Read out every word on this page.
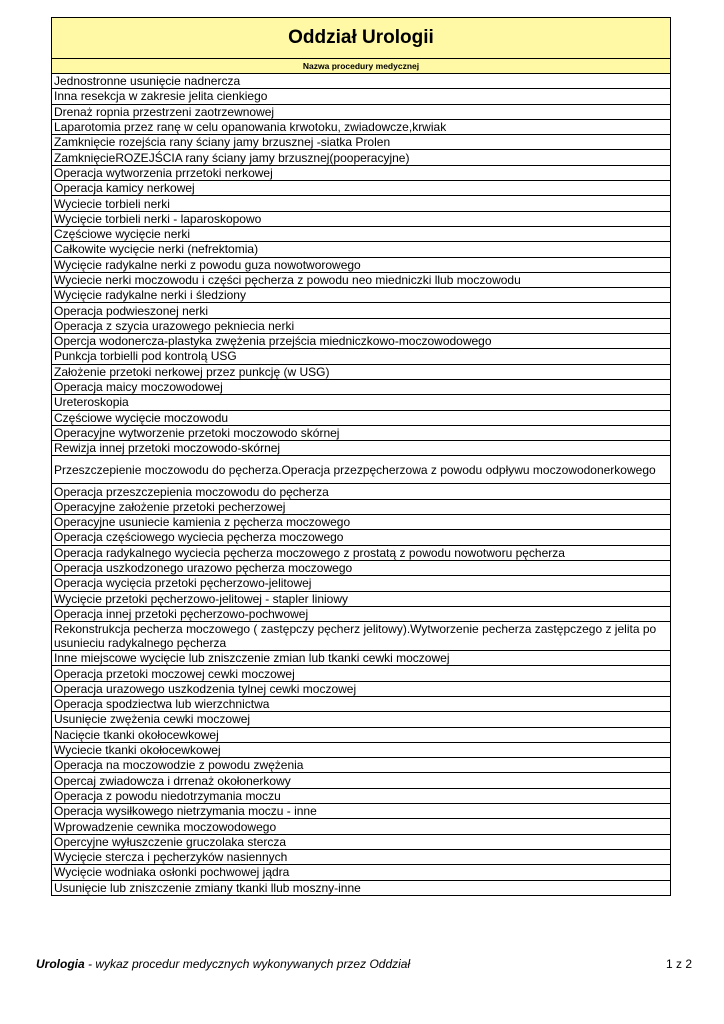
Oddział Urologii
Nazwa procedury medycznej
Jednostronne usunięcie nadnercza
Inna resekcja w zakresie jelita cienkiego
Drenaż ropnia przestrzeni zaotrzewnowej
Laparotomia przez ranę w celu opanowania krwotoku, zwiadowcze,krwiak
Zamknięcie rozejścia rany ściany jamy brzusznej -siatka Prolen
ZamknięcieROZEJŚCIA rany ściany jamy brzusznej(pooperacyjne)
Operacja wytworzenia prrzetoki nerkowej
Operacja kamicy nerkowej
Wyciecie torbieli nerki
Wycięcie torbieli nerki - laparoskopowo
Częściowe wycięcie nerki
Całkowite wycięcie nerki (nefrektomia)
Wycięcie radykalne nerki z powodu guza nowotworowego
Wyciecie nerki moczowodu i części pęcherza z powodu neo miedniczki llub moczowodu
Wycięcie radykalne nerki i śledziony
Operacja podwieszonej nerki
Operacja z szycia urazowego pekniecia nerki
Opercja wodonercza-plastyka zwężenia przejścia miedniczkowo-moczowodowego
Punkcja torbielli pod kontrolą USG
Założenie przetoki nerkowej przez punkcję (w USG)
Operacja maicy moczowodowej
Ureteroskopia
Częściowe wycięcie moczowodu
Operacyjne wytworzenie przetoki moczowodo skórnej
Rewizja innej przetoki moczowodo-skórnej
Przeszczepienie moczowodu do pęcherza.Operacja przezpęcherzowa z powodu odpływu moczowodonerkowego
Operacja przeszczepienia moczowodu do pęcherza
Operacyjne założenie przetoki pecherzowej
Operacyjne usuniecie kamienia z pęcherza moczowego
Operacja częściowego wyciecia pęcherza moczowego
Operacja radykalnego wyciecia pęcherza moczowego z prostatą z powodu nowotworu pęcherza
Operacja uszkodzonego urazowo pęcherza moczowego
Operacja wycięcia przetoki pęcherzowo-jelitowej
Wycięcie przetoki pęcherzowo-jelitowej - stapler liniowy
Operacja innej przetoki pęcherzowo-pochwowej
Rekonstrukcja pecherza moczowego ( zastępczy pęcherz jelitowy).Wytworzenie pecherza zastępczego z jelita po usunieciu radykalnego pęcherza
Inne miejscowe wycięcie lub zniszczenie zmian lub tkanki cewki moczowej
Operacja przetoki moczowej cewki moczowej
Operacja urazowego uszkodzenia tylnej cewki moczowej
Operacja spodziectwa lub wierzchnictwa
Usunięcie zwężenia cewki moczowej
Nacięcie tkanki okołocewkowej
Wyciecie tkanki okołocewkowej
Operacja na moczowodzie z powodu zwężenia
Opercaj zwiadowcza i drrenaż okołonerkowy
Operacja z powodu niedotrzymania moczu
Operacja wysiłkowego nietrzymania moczu - inne
Wprowadzenie cewnika moczowodowego
Opercyjne wyłuszczenie gruczolaka stercza
Wycięcie stercza i pęcherzyków nasiennych
Wycięcie wodniaka osłonki pochwowej jądra
Usunięcie lub zniszczenie zmiany tkanki llub moszny-inne
Urologia - wykaz procedur medycznych wykonywanych przez Oddział	1 z 2
